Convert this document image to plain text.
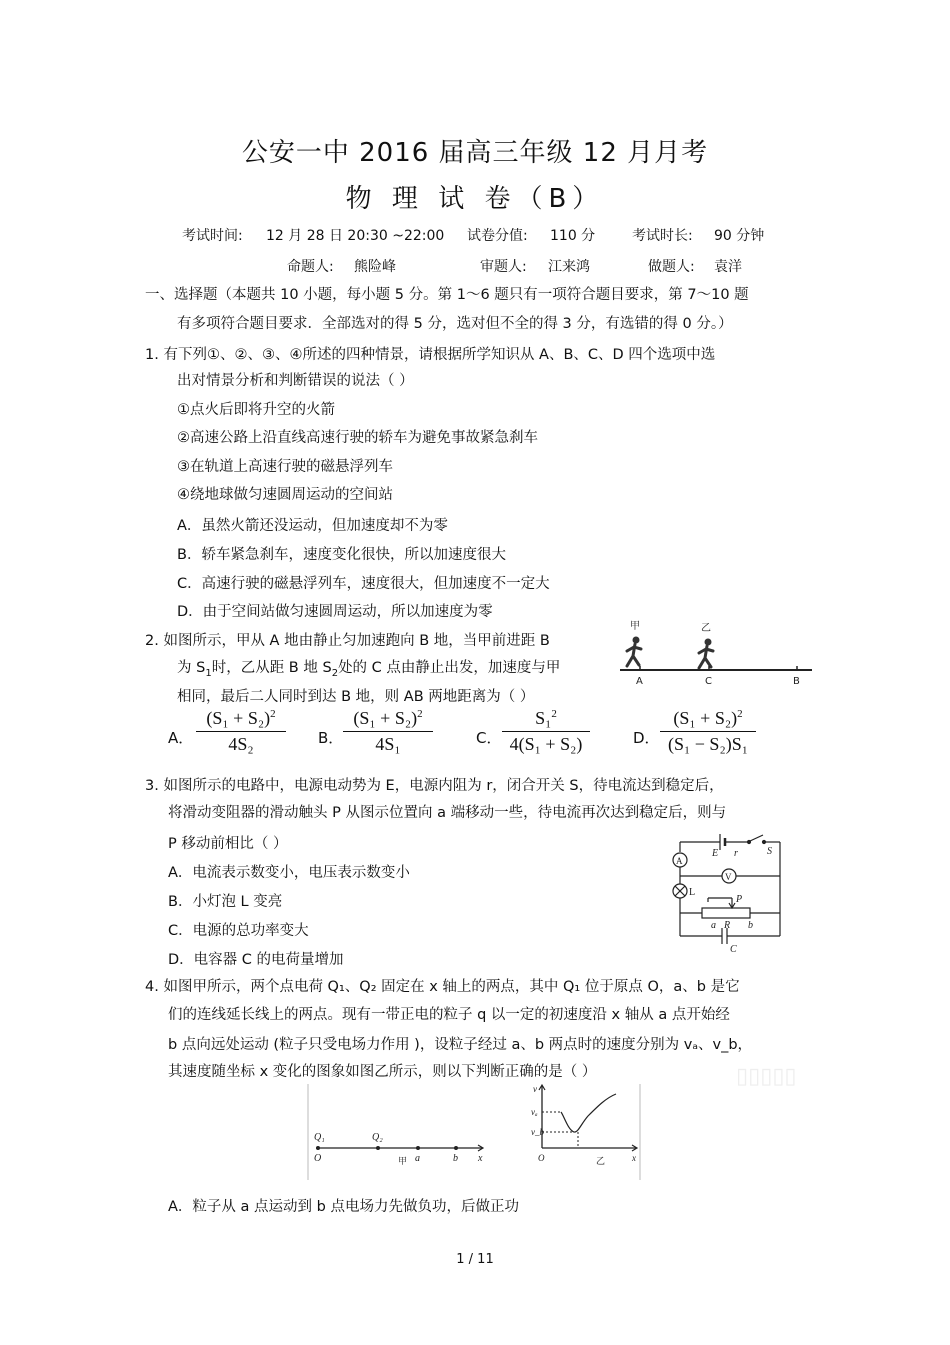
公安一中 2016 届高三年级 12 月月考
物 理 试 卷（B）
考试时间: 12 月 28 日 20:30 ~22:00 试卷分值: 110 分	考试时长: 90 分钟
命题人: 熊险峰	审题人: 江来鸿	做题人: 袁洋
一、选择题（本题共 10 小题，每小题 5 分。第 1～6 题只有一项符合题目要求，第 7～10 题
有多项符合题目要求．全部选对的得 5 分，选对但不全的得 3 分，有选错的得 0 分。）
1. 有下列①、②、③、④所述的四种情景，请根据所学知识从 A、B、C、D 四个选项中选
出对情景分析和判断错误的说法（ ）
①点火后即将升空的火箭
②高速公路上沿直线高速行驶的轿车为避免事故紧急刹车
③在轨道上高速行驶的磁悬浮列车
④绕地球做匀速圆周运动的空间站
A．虽然火箭还没运动，但加速度却不为零
B．轿车紧急刹车，速度变化很快，所以加速度很大
C．高速行驶的磁悬浮列车，速度很大，但加速度不一定大
D．由于空间站做匀速圆周运动，所以加速度为零
2. 如图所示，甲从 A 地由静止匀加速跑向 B 地，当甲前进距 B
为 $S_1$时，乙从距 B 地 $S_2$处的 C 点由静止出发，加速度与甲
相同，最后二人同时到达 B 地，则 AB 两地距离为（ ）
甲	乙
A	C	B
A． $\frac{(S_1 + S_2)^2}{\text{4S₂}}$ B． $\frac{(S_1 + S_2)^2}{\text{4S₁}}$	C． $\frac{S_1^2}{\text{4(S₁ + S₂)}}$	D． $\frac{(S_1 + S_2)^2}{\text{(S₁ − S₂)S₁}}$
3. 如图所示的电路中，电源电动势为 E，电源内阻为 r，闭合开关 S，待电流达到稳定后，
将滑动变阻器的滑动触头 P 从图示位置向 a 端移动一些，待电流再次达到稳定后，则与
P 移动前相比（ ）
A．电流表示数变小，电压表示数变小
B．小灯泡 L 变亮
C．电源的总功率变大
D．电容器 C 的电荷量增加
E r	S
A
V
L
P
a R b
C
4. 如图甲所示，两个点电荷 Q₁、Q₂ 固定在 x 轴上的两点，其中 Q₁ 位于原点 O，a、b 是它
们的连线延长线上的两点。现有一带正电的粒子 q 以一定的初速度沿 x 轴从 a 点开始经
b 点向远处运动 (粒子只受电场力作用 )，设粒子经过 a、b 两点时的速度分别为 vₐ、v_b，
其速度随坐标 x 变化的图象如图乙所示，则以下判断正确的是（ ）	▯▯▯▯▯
Q₁	Q₂
O	a	b x
甲
v
vₐ
v_b
O	x
乙
A．粒子从 a 点运动到 b 点电场力先做负功，后做正功
1 / 11
